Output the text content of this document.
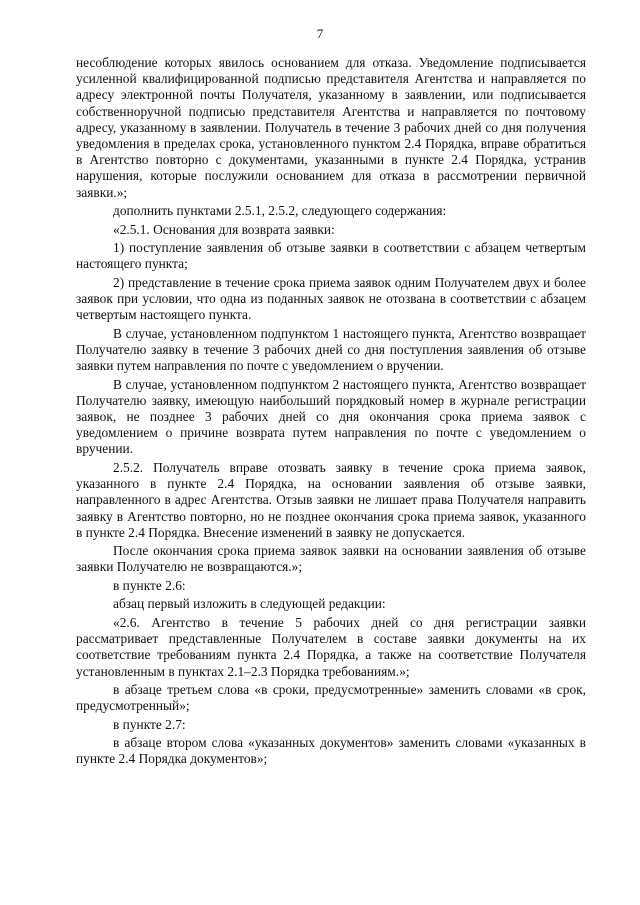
7

несоблюдение которых явилось основанием для отказа. Уведомление подписывается усиленной квалифицированной подписью представителя Агентства и направляется по адресу электронной почты Получателя, указанному в заявлении, или подписывается собственноручной подписью представителя Агентства и направляется по почтовому адресу, указанному в заявлении. Получатель в течение 3 рабочих дней со дня получения уведомления в пределах срока, установленного пунктом 2.4 Порядка, вправе обратиться в Агентство повторно с документами, указанными в пункте 2.4 Порядка, устранив нарушения, которые послужили основанием для отказа в рассмотрении первичной заявки.»;

дополнить пунктами 2.5.1, 2.5.2, следующего содержания:

«2.5.1. Основания для возврата заявки:

1) поступление заявления об отзыве заявки в соответствии с абзацем четвертым настоящего пункта;

2) представление в течение срока приема заявок одним Получателем двух и более заявок при условии, что одна из поданных заявок не отозвана в соответствии с абзацем четвертым настоящего пункта.

В случае, установленном подпунктом 1 настоящего пункта, Агентство возвращает Получателю заявку в течение 3 рабочих дней со дня поступления заявления об отзыве заявки путем направления по почте с уведомлением о вручении.

В случае, установленном подпунктом 2 настоящего пункта, Агентство возвращает Получателю заявку, имеющую наибольший порядковый номер в журнале регистрации заявок, не позднее 3 рабочих дней со дня окончания срока приема заявок с уведомлением о причине возврата путем направления по почте с уведомлением о вручении.

2.5.2. Получатель вправе отозвать заявку в течение срока приема заявок, указанного в пункте 2.4 Порядка, на основании заявления об отзыве заявки, направленного в адрес Агентства. Отзыв заявки не лишает права Получателя направить заявку в Агентство повторно, но не позднее окончания срока приема заявок, указанного в пункте 2.4 Порядка. Внесение изменений в заявку не допускается.

После окончания срока приема заявок заявки на основании заявления об отзыве заявки Получателю не возвращаются.»;

в пункте 2.6:

абзац первый изложить в следующей редакции:

«2.6. Агентство в течение 5 рабочих дней со дня регистрации заявки рассматривает представленные Получателем в составе заявки документы на их соответствие требованиям пункта 2.4 Порядка, а также на соответствие Получателя установленным в пунктах 2.1–2.3 Порядка требованиям.»;

в абзаце третьем слова «в сроки, предусмотренные» заменить словами «в срок, предусмотренный»;

в пункте 2.7:

в абзаце втором слова «указанных документов» заменить словами «указанных в пункте 2.4 Порядка документов»;
